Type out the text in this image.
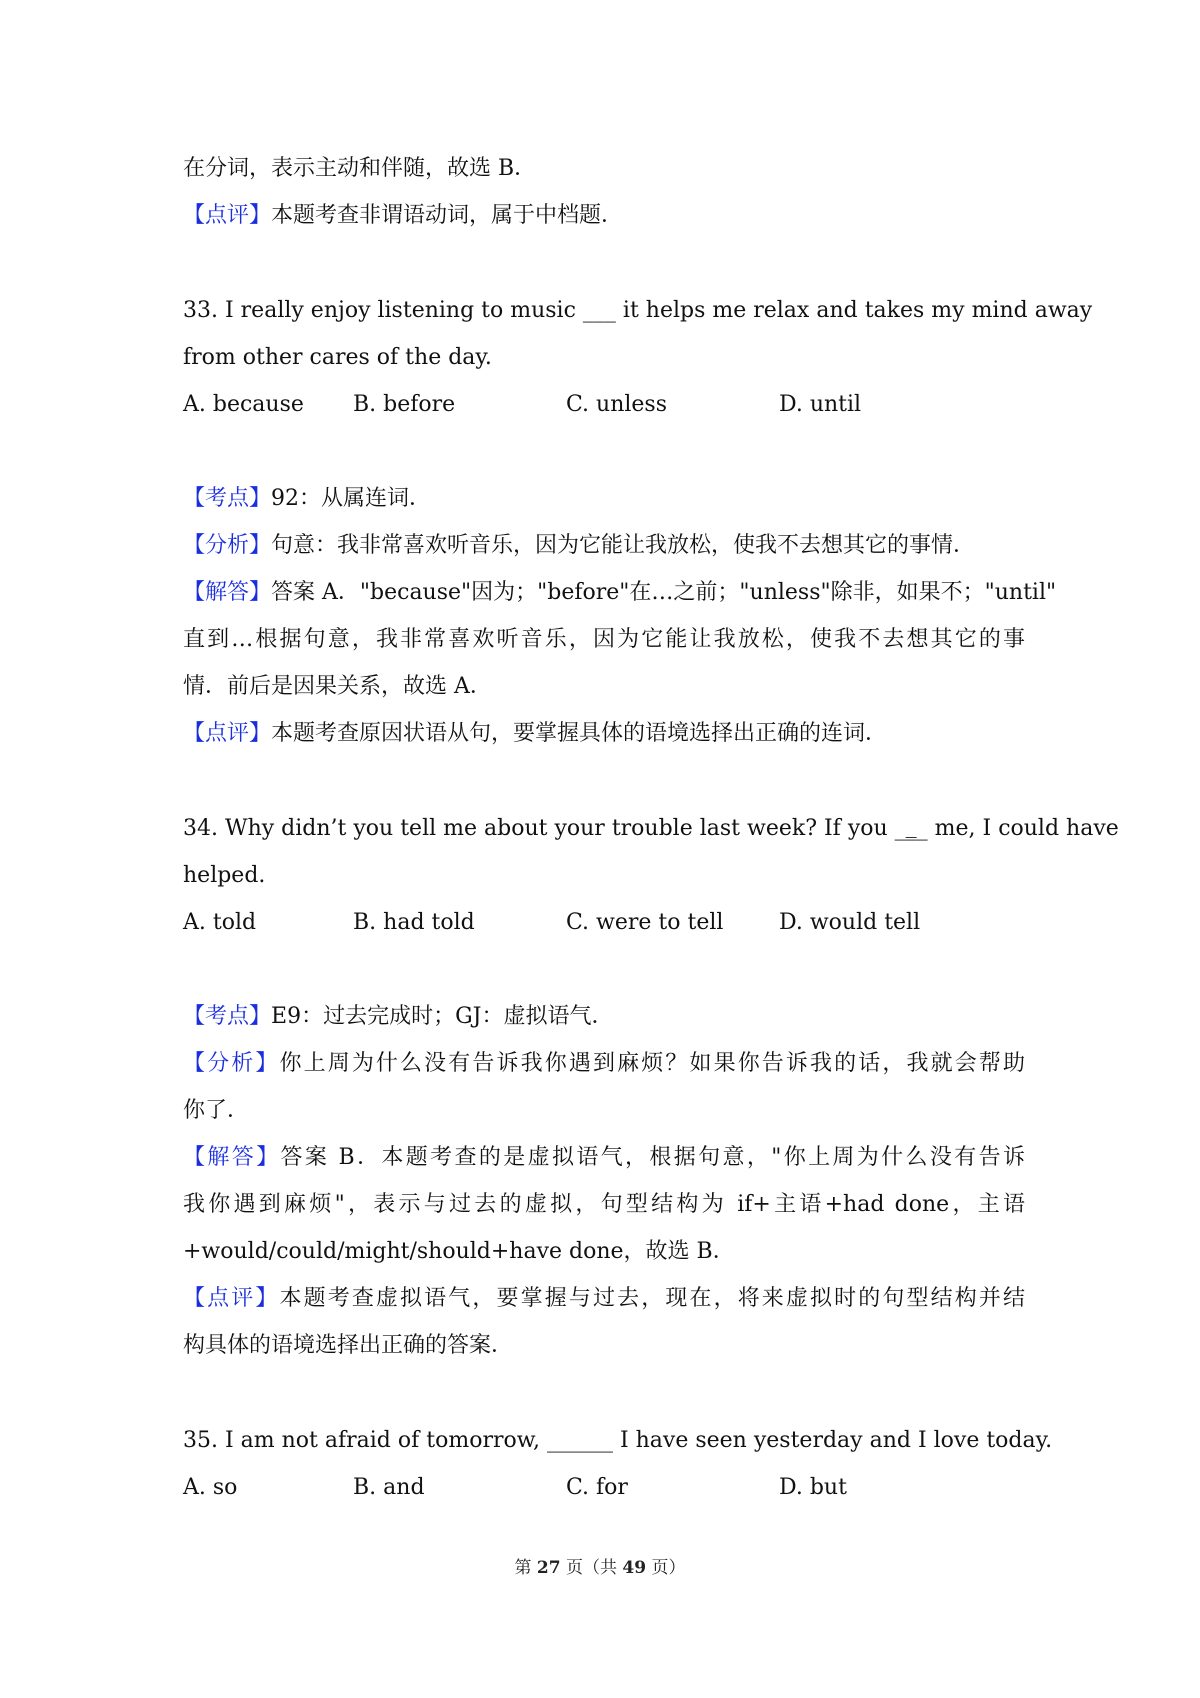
在分词，表示主动和伴随，故选 B．
【点评】本题考查非谓语动词，属于中档题．
33. I really enjoy listening to music ___ it helps me relax and takes my mind away
from other cares of the day.
A. because B. before	C. unless	D. until
【考点】92：从属连词．
【分析】句意：我非常喜欢听音乐，因为它能让我放松，使我不去想其它的事情．
【解答】答案 A．"because"因为；"before"在…之前；"unless"除非，如果不；"until"
直到…根据句意，我非常喜欢听音乐，因为它能让我放松，使我不去想其它的事
情．前后是因果关系，故选 A．
【点评】本题考查原因状语从句，要掌握具体的语境选择出正确的连词．
34. Why didn’t you tell me about your trouble last week? If you _‗_ me, I could have
helped.
A. told	B. had told	C. were to tell	D. would tell
【考点】E9：过去完成时；GJ：虚拟语气．
【分析】你上周为什么没有告诉我你遇到麻烦？如果你告诉我的话，我就会帮助
你了．
【解答】答案 B．本题考查的是虚拟语气，根据句意，"你上周为什么没有告诉
我你遇到麻烦"，表示与过去的虚拟，句型结构为 if+主语+had done，主语
+would/could/might/should+have done，故选 B．
【点评】本题考查虚拟语气，要掌握与过去，现在，将来虚拟时的句型结构并结
构具体的语境选择出正确的答案．
35. I am not afraid of tomorrow, ______ I have seen yesterday and I love today.
A. so	B. and	C. for	D. but
第 27 页（共 49 页）
